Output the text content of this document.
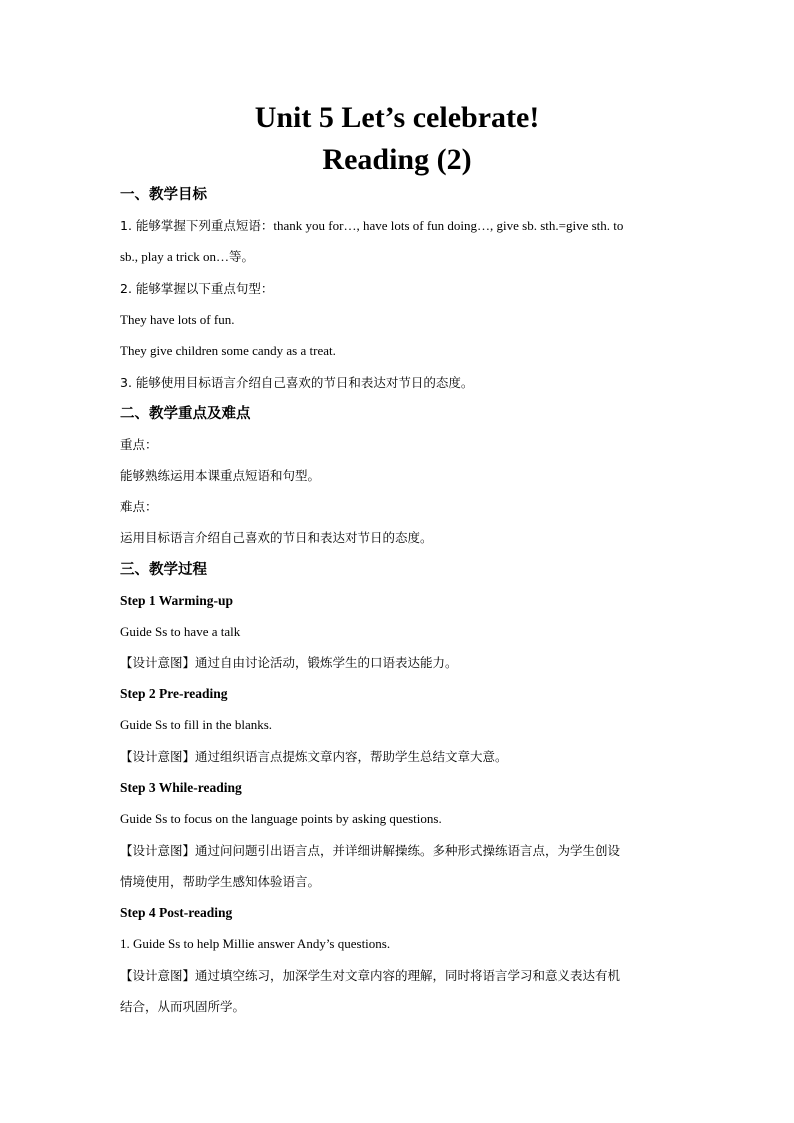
Unit 5 Let’s celebrate!
Reading (2)
一、教学目标
1. 能够掌握下列重点短语：thank you for…, have lots of fun doing…, give sb. sth.=give sth. to
sb., play a trick on…等。
2. 能够掌握以下重点句型：
They have lots of fun.
They give children some candy as a treat.
3. 能够使用目标语言介绍自己喜欢的节日和表达对节日的态度。
二、教学重点及难点
重点：
能够熟练运用本课重点短语和句型。
难点：
运用目标语言介绍自己喜欢的节日和表达对节日的态度。
三、教学过程
Step 1 Warming-up
Guide Ss to have a talk
【设计意图】通过自由讨论活动，锻炼学生的口语表达能力。
Step 2 Pre-reading
Guide Ss to fill in the blanks.
【设计意图】通过组织语言点提炼文章内容，帮助学生总结文章大意。
Step 3 While-reading
Guide Ss to focus on the language points by asking questions.
【设计意图】通过问问题引出语言点，并详细讲解操练。多种形式操练语言点，为学生创设
情境使用，帮助学生感知体验语言。
Step 4 Post-reading
1. Guide Ss to help Millie answer Andy’s questions.
【设计意图】通过填空练习，加深学生对文章内容的理解，同时将语言学习和意义表达有机
结合，从而巩固所学。
